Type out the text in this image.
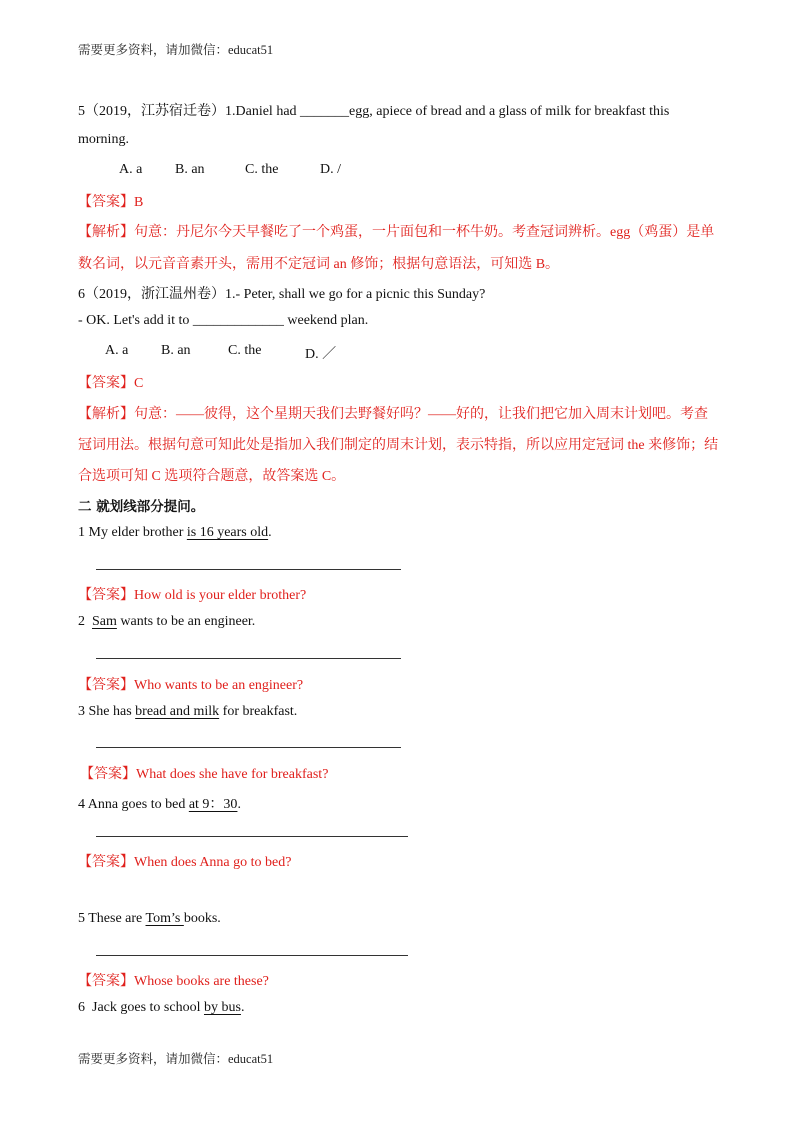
需要更多资料，请加微信：educat51
5（2019，江苏宿迁卷）1.Daniel had _______egg, apiece of bread and a glass of milk for breakfast this
morning.
A. a B. an	C. the	D. /
【答案】B
【解析】句意：丹尼尔今天早餐吃了一个鸡蛋，一片面包和一杯牛奶。考查冠词辨析。egg（鸡蛋）是单
数名词，以元音音素开头，需用不定冠词 an 修饰；根据句意语法，可知选 B。
6（2019，浙江温州卷）1.- Peter, shall we go for a picnic this Sunday?
- OK. Let's add it to _____________ weekend plan.
A. a B. an	C. the	D. ／
【答案】C
【解析】句意：——彼得，这个星期天我们去野餐好吗？——好的，让我们把它加入周末计划吧。考查
冠词用法。根据句意可知此处是指加入我们制定的周末计划，表示特指，所以应用定冠词 the 来修饰；结
合选项可知 C 选项符合题意，故答案选 C。
二 就划线部分提问。
1 My elder brother is 16 years old.
【答案】How old is your elder brother?
2  Sam wants to be an engineer.
【答案】Who wants to be an engineer?
3 She has bread and milk for breakfast.
【答案】What does she have for breakfast?
4 Anna goes to bed at 9：30.
【答案】When does Anna go to bed?
5 These are Tom’s books.
【答案】Whose books are these?
6  Jack goes to school by bus.
需要更多资料，请加微信：educat51
